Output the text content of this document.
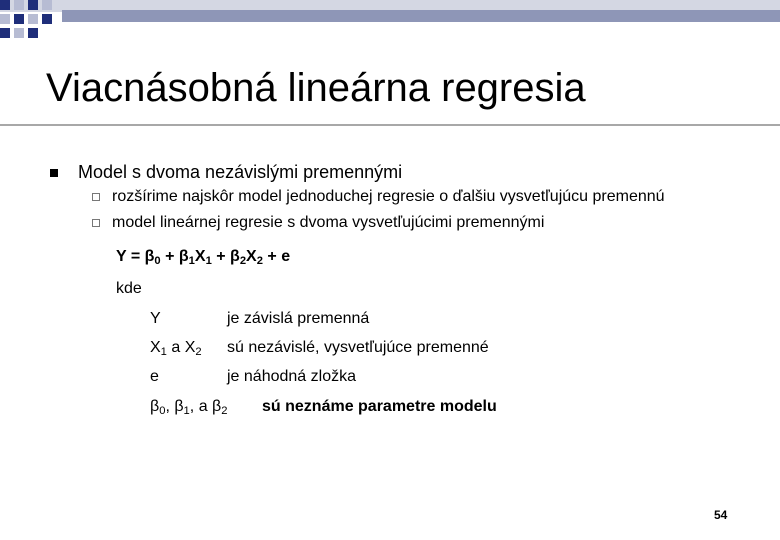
Viacnásobná lineárna regresia
Model s dvoma nezávislými premennými
rozšírime najskôr model jednoduchej regresie o ďalšiu vysvetľujúcu premennú
model lineárnej regresie s dvoma vysvetľujúcimi premennými
$Y = \beta_0 + \beta_1X_1 + \beta_2X_2 + e$
kde
Y	je závislá premenná
$X_1$ a $X_2$ sú nezávislé, vysvetľujúce premenné
e	je náhodná zložka
$\beta_0$, $\beta_1$, a $\beta_2$ sú neznáme parametre modelu
54
